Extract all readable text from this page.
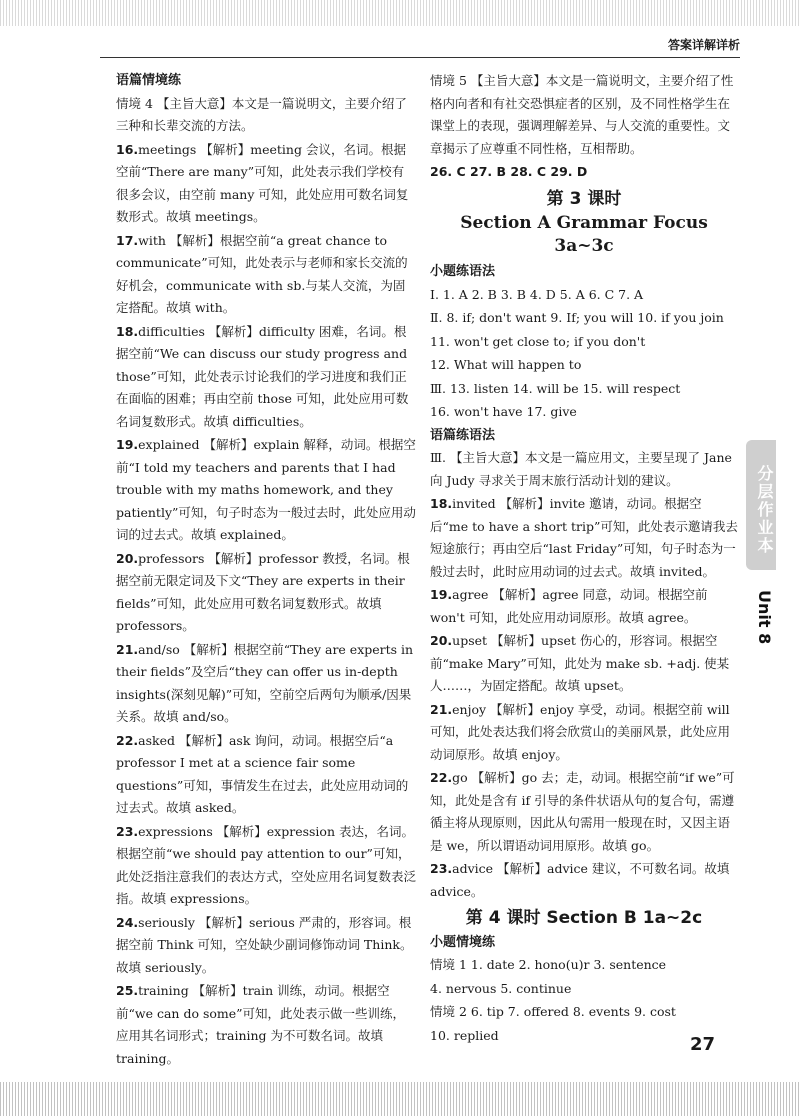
答案详解详析

语篇情境练

情境 4 【主旨大意】本文是一篇说明文，主要介绍了三种和长辈交流的方法。

16.meetings 【解析】meeting 会议，名词。根据空前“There are many”可知，此处表示我们学校有很多会议，由空前 many 可知，此处应用可数名词复数形式。故填 meetings。

17.with 【解析】根据空前“a great chance to communicate”可知，此处表示与老师和家长交流的好机会，communicate with sb.与某人交流，为固定搭配。故填 with。

18.difficulties 【解析】difficulty 困难，名词。根据空前“We can discuss our study progress and those”可知，此处表示讨论我们的学习进度和我们正在面临的困难；再由空前 those 可知，此处应用可数名词复数形式。故填 difficulties。

19.explained 【解析】explain 解释，动词。根据空前“I told my teachers and parents that I had trouble with my maths homework, and they patiently”可知，句子时态为一般过去时，此处应用动词的过去式。故填 explained。

20.professors 【解析】professor 教授，名词。根据空前无限定词及下文“They are experts in their fields”可知，此处应用可数名词复数形式。故填 professors。

21.and/so 【解析】根据空前“They are experts in their fields”及空后“they can offer us in-depth insights(深刻见解)”可知，空前空后两句为顺承/因果关系。故填 and/so。

22.asked 【解析】ask 询问，动词。根据空后“a professor I met at a science fair some questions”可知，事情发生在过去，此处应用动词的过去式。故填 asked。

23.expressions 【解析】expression 表达，名词。根据空前“we should pay attention to our”可知，此处泛指注意我们的表达方式，空处应用名词复数表泛指。故填 expressions。

24.seriously 【解析】serious 严肃的，形容词。根据空前 Think 可知，空处缺少副词修饰动词 Think。故填 seriously。

25.training 【解析】train 训练，动词。根据空前“we can do some”可知，此处表示做一些训练，应用其名词形式；training 为不可数名词。故填 training。

情境 5 【主旨大意】本文是一篇说明文，主要介绍了性格内向者和有社交恐惧症者的区别，及不同性格学生在课堂上的表现，强调理解差异、与人交流的重要性。文章揭示了应尊重不同性格，互相帮助。

26. C 27. B 28. C 29. D

第 3 课时

Section A Grammar Focus 3a~3c

小题练语法

Ⅰ. 1. A 2. B 3. B 4. D 5. A 6. C 7. A

Ⅱ. 8. if; don't want 9. If; you will 10. if you join

11. won't get close to; if you don't

12. What will happen to

Ⅲ. 13. listen 14. will be 15. will respect

16. won't have 17. give

语篇练语法

Ⅲ. 【主旨大意】本文是一篇应用文，主要呈现了 Jane 向 Judy 寻求关于周末旅行活动计划的建议。

18.invited 【解析】invite 邀请，动词。根据空后“me to have a short trip”可知，此处表示邀请我去短途旅行；再由空后“last Friday”可知，句子时态为一般过去时，此时应用动词的过去式。故填 invited。

19.agree 【解析】agree 同意，动词。根据空前 won't 可知，此处应用动词原形。故填 agree。

20.upset 【解析】upset 伤心的，形容词。根据空前“make Mary”可知，此处为 make sb. +adj. 使某人……，为固定搭配。故填 upset。

21.enjoy 【解析】enjoy 享受，动词。根据空前 will 可知，此处表达我们将会欣赏山的美丽风景，此处应用动词原形。故填 enjoy。

22.go 【解析】go 去；走，动词。根据空前“if we”可知，此处是含有 if 引导的条件状语从句的复合句，需遵循主将从现原则，因此从句需用一般现在时，又因主语是 we，所以谓语动词用原形。故填 go。

23.advice 【解析】advice 建议，不可数名词。故填 advice。

第 4 课时 Section B 1a~2c

小题情境练

情境 1 1. date 2. hono(u)r 3. sentence

4. nervous 5. continue

情境 2 6. tip 7. offered 8. events 9. cost

10. replied

分层作业本
Unit 8
27
